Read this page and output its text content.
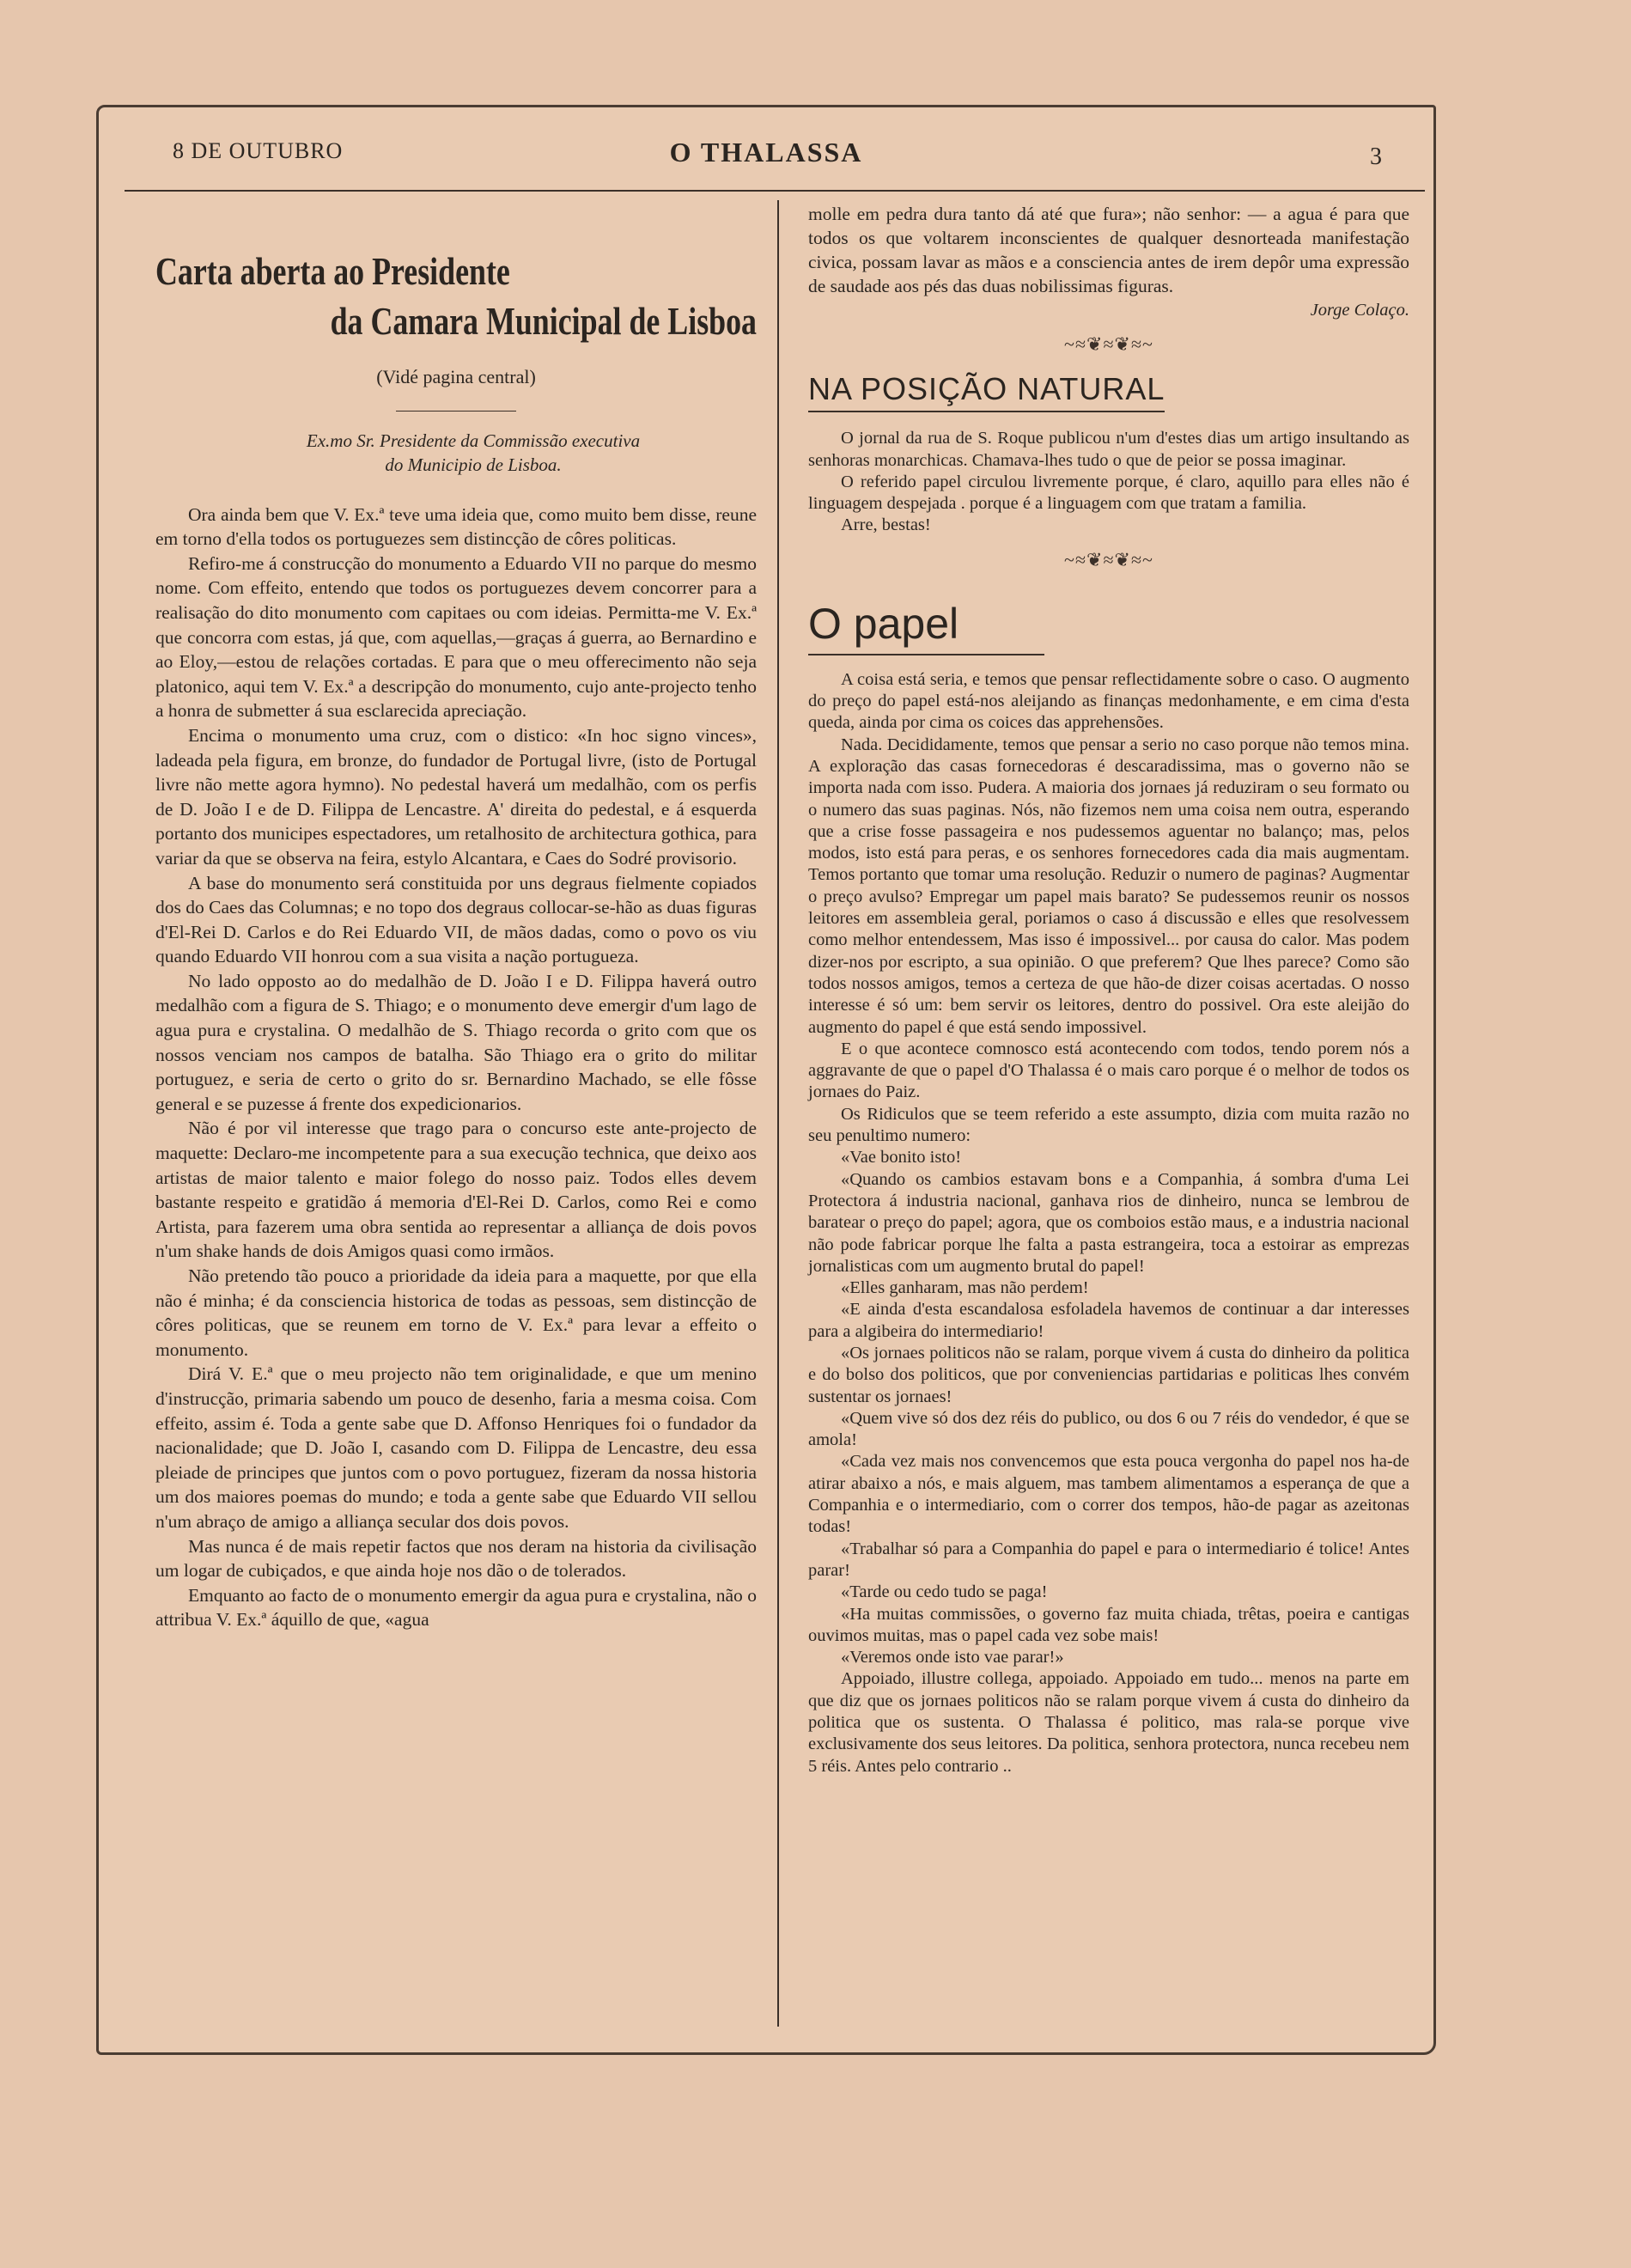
8 DE OUTUBRO	O THALASSA	3
Carta aberta ao Presidente
da Camara Municipal de Lisboa

(Vidé pagina central)

Ex.mo Sr. Presidente da Commissão executiva

do Municipio de Lisboa.

Ora ainda bem que V. Ex.ª teve uma ideia que, como muito bem disse, reune em torno d'ella todos os portuguezes sem distincção de côres politicas.

Refiro-me á construcção do monumento a Eduardo VII no parque do mesmo nome. Com effeito, entendo que todos os portuguezes devem concorrer para a realisação do dito monumento com capitaes ou com ideias. Permitta-me V. Ex.ª que concorra com estas, já que, com aquellas,—graças á guerra, ao Bernardino e ao Eloy,—estou de relações cortadas. E para que o meu offerecimento não seja platonico, aqui tem V. Ex.ª a descripção do monumento, cujo ante-projecto tenho a honra de submetter á sua esclarecida apreciação.

Encima o monumento uma cruz, com o distico: «In hoc signo vinces», ladeada pela figura, em bronze, do fundador de Portugal livre, (isto de Portugal livre não mette agora hymno). No pedestal haverá um medalhão, com os perfis de D. João I e de D. Filippa de Lencastre. A' direita do pedestal, e á esquerda portanto dos municipes espectadores, um retalhosito de architectura gothica, para variar da que se observa na feira, estylo Alcantara, e Caes do Sodré provisorio.

A base do monumento será constituida por uns degraus fielmente copiados dos do Caes das Columnas; e no topo dos degraus collocar-se-hão as duas figuras d'El-Rei D. Carlos e do Rei Eduardo VII, de mãos dadas, como o povo os viu quando Eduardo VII honrou com a sua visita a nação portugueza.

No lado opposto ao do medalhão de D. João I e D. Filippa haverá outro medalhão com a figura de S. Thiago; e o monumento deve emergir d'um lago de agua pura e crystalina. O medalhão de S. Thiago recorda o grito com que os nossos venciam nos campos de batalha. São Thiago era o grito do militar portuguez, e seria de certo o grito do sr. Bernardino Machado, se elle fôsse general e se puzesse á frente dos expedicionarios.

Não é por vil interesse que trago para o concurso este ante-projecto de maquette: Declaro-me incompetente para a sua execução technica, que deixo aos artistas de maior talento e maior folego do nosso paiz. Todos elles devem bastante respeito e gratidão á memoria d'El-Rei D. Carlos, como Rei e como Artista, para fazerem uma obra sentida ao representar a alliança de dois povos n'um shake hands de dois Amigos quasi como irmãos.

Não pretendo tão pouco a prioridade da ideia para a maquette, por que ella não é minha; é da consciencia historica de todas as pessoas, sem distincção de côres politicas, que se reunem em torno de V. Ex.ª para levar a effeito o monumento.

Dirá V. E.ª que o meu projecto não tem originalidade, e que um menino d'instrucção, primaria sabendo um pouco de desenho, faria a mesma coisa. Com effeito, assim é. Toda a gente sabe que D. Affonso Henriques foi o fundador da nacionalidade; que D. João I, casando com D. Filippa de Lencastre, deu essa pleiade de principes que juntos com o povo portuguez, fizeram da nossa historia um dos maiores poemas do mundo; e toda a gente sabe que Eduardo VII sellou n'um abraço de amigo a alliança secular dos dois povos.

Mas nunca é de mais repetir factos que nos deram na historia da civilisação um logar de cubiçados, e que ainda hoje nos dão o de tolerados.

Emquanto ao facto de o monumento emergir da agua pura e crystalina, não o attribua V. Ex.ª áquillo de que, «agua

molle em pedra dura tanto dá até que fura»; não senhor: — a agua é para que todos os que voltarem inconscientes de qualquer desnorteada manifestação civica, possam lavar as mãos e a consciencia antes de irem depôr uma expressão de saudade aos pés das duas nobilissimas figuras.

Jorge Colaço.

~≈❦≈❦≈~
NA POSIÇÃO NATURAL

O jornal da rua de S. Roque publicou n'um d'estes dias um artigo insultando as senhoras monarchicas. Chamava-lhes tudo o que de peior se possa imaginar.

O referido papel circulou livremente porque, é claro, aquillo para elles não é linguagem despejada . porque é a linguagem com que tratam a familia.

Arre, bestas!

~≈❦≈❦≈~
O papel

A coisa está seria, e temos que pensar reflectidamente sobre o caso. O augmento do preço do papel está-nos aleijando as finanças medonhamente, e em cima d'esta queda, ainda por cima os coices das apprehensões.

Nada. Decididamente, temos que pensar a serio no caso porque não temos mina. A exploração das casas fornecedoras é descaradissima, mas o governo não se importa nada com isso. Pudera. A maioria dos jornaes já reduziram o seu formato ou o numero das suas paginas. Nós, não fizemos nem uma coisa nem outra, esperando que a crise fosse passageira e nos pudessemos aguentar no balanço; mas, pelos modos, isto está para peras, e os senhores fornecedores cada dia mais augmentam. Temos portanto que tomar uma resolução. Reduzir o numero de paginas? Augmentar o preço avulso? Empregar um papel mais barato? Se pudessemos reunir os nossos leitores em assembleia geral, poriamos o caso á discussão e elles que resolvessem como melhor entendessem, Mas isso é impossivel... por causa do calor. Mas podem dizer-nos por escripto, a sua opinião. O que preferem? Que lhes parece? Como são todos nossos amigos, temos a certeza de que hão-de dizer coisas acertadas. O nosso interesse é só um: bem servir os leitores, dentro do possivel. Ora este aleijão do augmento do papel é que está sendo impossivel.

E o que acontece comnosco está acontecendo com todos, tendo porem nós a aggravante de que o papel d'O Thalassa é o mais caro porque é o melhor de todos os jornaes do Paiz.

Os Ridiculos que se teem referido a este assumpto, dizia com muita razão no seu penultimo numero:

«Vae bonito isto!

«Quando os cambios estavam bons e a Companhia, á sombra d'uma Lei Protectora á industria nacional, ganhava rios de dinheiro, nunca se lembrou de baratear o preço do papel; agora, que os comboios estão maus, e a industria nacional não pode fabricar porque lhe falta a pasta estrangeira, toca a estoirar as emprezas jornalisticas com um augmento brutal do papel!

«Elles ganharam, mas não perdem!

«E ainda d'esta escandalosa esfoladela havemos de continuar a dar interesses para a algibeira do intermediario!

«Os jornaes politicos não se ralam, porque vivem á custa do dinheiro da politica e do bolso dos politicos, que por conveniencias partidarias e politicas lhes convém sustentar os jornaes!

«Quem vive só dos dez réis do publico, ou dos 6 ou 7 réis do vendedor, é que se amola!

«Cada vez mais nos convencemos que esta pouca vergonha do papel nos ha-de atirar abaixo a nós, e mais alguem, mas tambem alimentamos a esperança de que a Companhia e o intermediario, com o correr dos tempos, hão-de pagar as azeitonas todas!

«Trabalhar só para a Companhia do papel e para o intermediario é tolice! Antes parar!

«Tarde ou cedo tudo se paga!

«Ha muitas commissões, o governo faz muita chiada, trêtas, poeira e cantigas ouvimos muitas, mas o papel cada vez sobe mais!

«Veremos onde isto vae parar!»

Appoiado, illustre collega, appoiado. Appoiado em tudo... menos na parte em que diz que os jornaes politicos não se ralam porque vivem á custa do dinheiro da politica que os sustenta. O Thalassa é politico, mas rala-se porque vive exclusivamente dos seus leitores. Da politica, senhora protectora, nunca recebeu nem 5 réis. Antes pelo contrario ..
